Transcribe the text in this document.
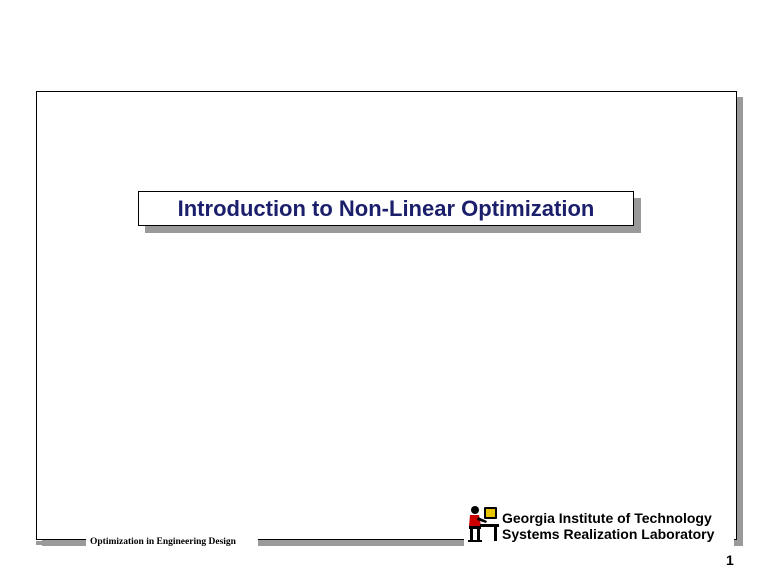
Introduction to Non-Linear Optimization
Optimization in Engineering Design
Georgia Institute of Technology
Systems Realization Laboratory
1
